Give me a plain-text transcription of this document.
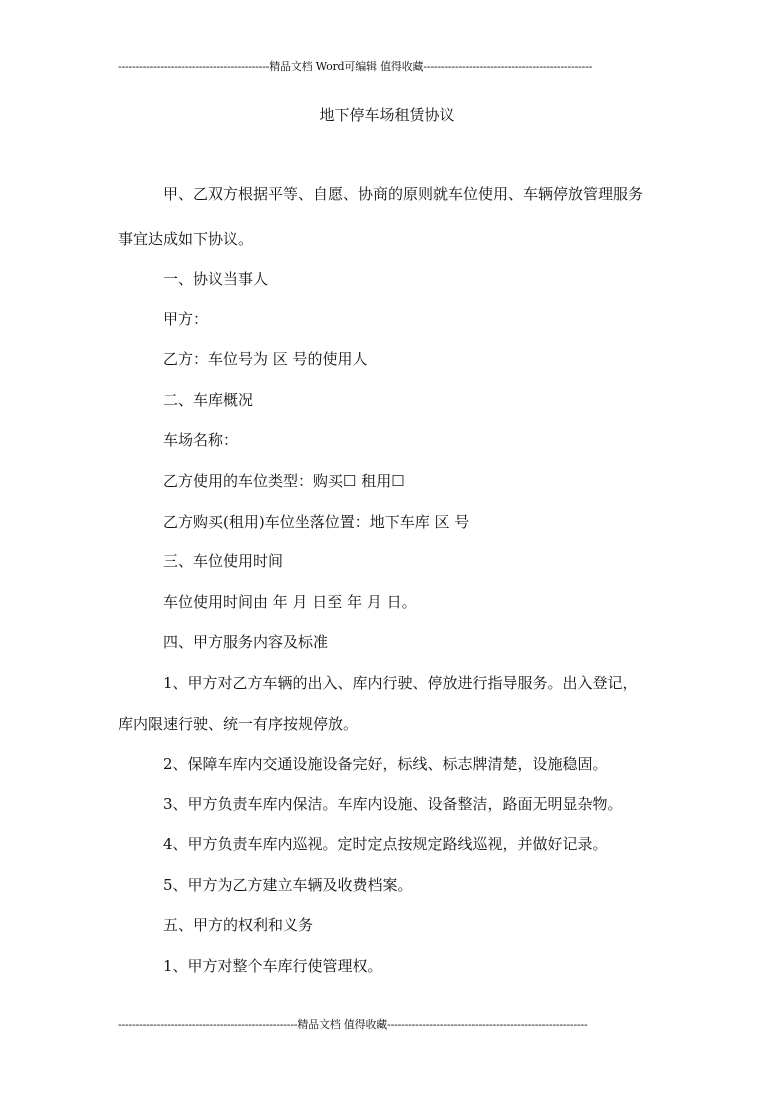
-------------------------------------------精品文档 Word可编辑 值得收藏------------------------------------------------
地下停车场租赁协议
甲、乙双方根据平等、自愿、协商的原则就车位使用、车辆停放管理服务
事宜达成如下协议。
一、协议当事人
甲方：
乙方：车位号为 区 号的使用人
二、车库概况
车场名称：
乙方使用的车位类型：购买☐ 租用☐
乙方购买(租用)车位坐落位置：地下车库 区 号
三、车位使用时间
车位使用时间由 年 月 日至 年 月 日。
四、甲方服务内容及标准
1、甲方对乙方车辆的出入、库内行驶、停放进行指导服务。出入登记，
库内限速行驶、统一有序按规停放。
2、保障车库内交通设施设备完好，标线、标志牌清楚，设施稳固。
3、甲方负责车库内保洁。车库内设施、设备整洁，路面无明显杂物。
4、甲方负责车库内巡视。定时定点按规定路线巡视，并做好记录。
5、甲方为乙方建立车辆及收费档案。
五、甲方的权利和义务
1、甲方对整个车库行使管理权。
---------------------------------------------------精品文档 值得收藏---------------------------------------------------------
